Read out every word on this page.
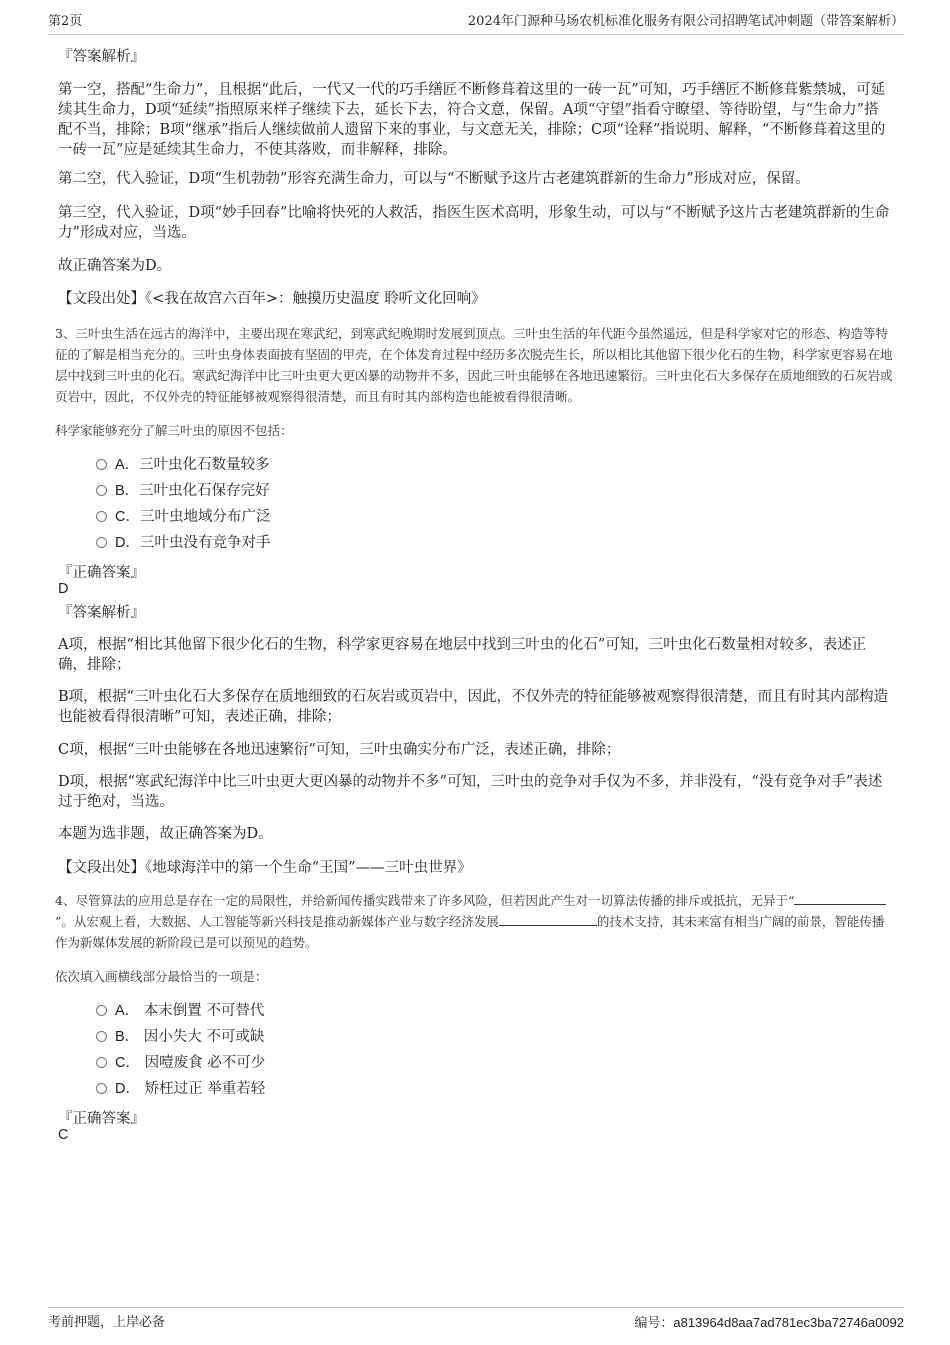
第2页	2024年门源种马场农机标准化服务有限公司招聘笔试冲刺题（带答案解析）
『答案解析』
第一空，搭配“生命力”，且根据“此后，一代又一代的巧手缮匠不断修葺着这里的一砖一瓦”可知，巧手缮匠不断修葺紫禁城，可延续其生命力，D项“延续”指照原来样子继续下去，延长下去，符合文意，保留。A项“守望”指看守瞭望、等待盼望，与“生命力”搭配不当，排除；B项“继承”指后人继续做前人遗留下来的事业，与文意无关，排除；C项“诠释”指说明、解释，“不断修葺着这里的一砖一瓦”应是延续其生命力，不使其落败，而非解释，排除。
第二空，代入验证，D项“生机勃勃”形容充满生命力，可以与“不断赋予这片古老建筑群新的生命力”形成对应，保留。
第三空，代入验证，D项“妙手回春”比喻将快死的人救活，指医生医术高明，形象生动，可以与“不断赋予这片古老建筑群新的生命力”形成对应，当选。
故正确答案为D。
【文段出处】《<我在故宫六百年>：触摸历史温度 聆听文化回响》
3、三叶虫生活在远古的海洋中，主要出现在寒武纪，到寒武纪晚期时发展到顶点。三叶虫生活的年代距今虽然遥远，但是科学家对它的形态、构造等特征的了解是相当充分的。三叶虫身体表面披有坚固的甲壳，在个体发育过程中经历多次脱壳生长，所以相比其他留下很少化石的生物，科学家更容易在地层中找到三叶虫的化石。寒武纪海洋中比三叶虫更大更凶暴的动物并不多，因此三叶虫能够在各地迅速繁衍。三叶虫化石大多保存在质地细致的石灰岩或页岩中，因此，不仅外壳的特征能够被观察得很清楚，而且有时其内部构造也能被看得很清晰。
科学家能够充分了解三叶虫的原因不包括：
A．三叶虫化石数量较多
B．三叶虫化石保存完好
C．三叶虫地域分布广泛
D．三叶虫没有竞争对手
『正确答案』
D
『答案解析』
A项，根据“相比其他留下很少化石的生物，科学家更容易在地层中找到三叶虫的化石”可知，三叶虫化石数量相对较多，表述正确，排除；
B项，根据“三叶虫化石大多保存在质地细致的石灰岩或页岩中，因此，不仅外壳的特征能够被观察得很清楚，而且有时其内部构造也能被看得很清晰”可知，表述正确，排除；
C项，根据“三叶虫能够在各地迅速繁衍”可知，三叶虫确实分布广泛，表述正确，排除；
D项，根据“寒武纪海洋中比三叶虫更大更凶暴的动物并不多”可知，三叶虫的竞争对手仅为不多，并非没有，“没有竞争对手”表述过于绝对，当选。
本题为选非题，故正确答案为D。
【文段出处】《地球海洋中的第一个生命“王国”——三叶虫世界》
4、尽管算法的应用总是存在一定的局限性，并给新闻传播实践带来了许多风险，但若因此产生对一切算法传播的排斥或抵抗，无异于“”。从宏观上看，大数据、人工智能等新兴科技是推动新媒体产业与数字经济发展	的技术支持，其未来富有相当广阔的前景，智能传播作为新媒体发展的新阶段已是可以预见的趋势。
依次填入画横线部分最恰当的一项是：
A． 本末倒置 不可替代
B． 因小失大 不可或缺
C． 因噎废食 必不可少
D． 矫枉过正 举重若轻
『正确答案』
C
考前押题，上岸必备	编号：a813964d8aa7ad781ec3ba72746a0092
